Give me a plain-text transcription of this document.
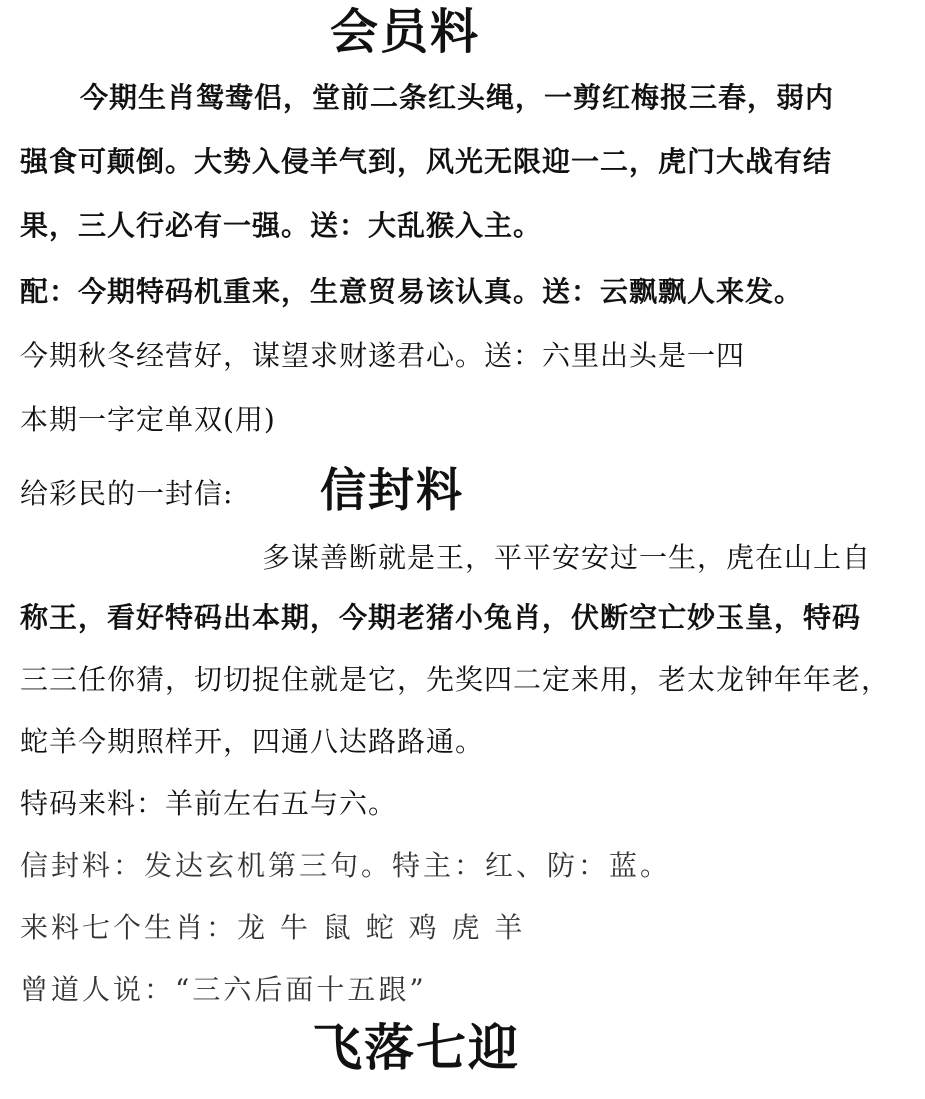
会员料
今期生肖鸳鸯侣，堂前二条红头绳，一剪红梅报三春，弱内
强食可颠倒。大势入侵羊气到，风光无限迎一二，虎门大战有结
果，三人行必有一强。送：大乱猴入主。
配：今期特码机重来，生意贸易该认真。送：云飘飘人来发。
今期秋冬经营好，谋望求财遂君心。送：六里出头是一四
本期一字定单双(用)
给彩民的一封信: 信封料
多谋善断就是王，平平安安过一生，虎在山上自
称王，看好特码出本期，今期老猪小兔肖，伏断空亡妙玉皇，特码
三三任你猜，切切捉住就是它，先奖四二定来用，老太龙钟年年老，
蛇羊今期照样开，四通八达路路通。
特码来料：羊前左右五与六。
信封料：发达玄机第三句。特主：红、防：蓝。
来料七个生肖：龙 牛 鼠 蛇 鸡 虎 羊
曾道人说：“三六后面十五跟”
飞落七迎
